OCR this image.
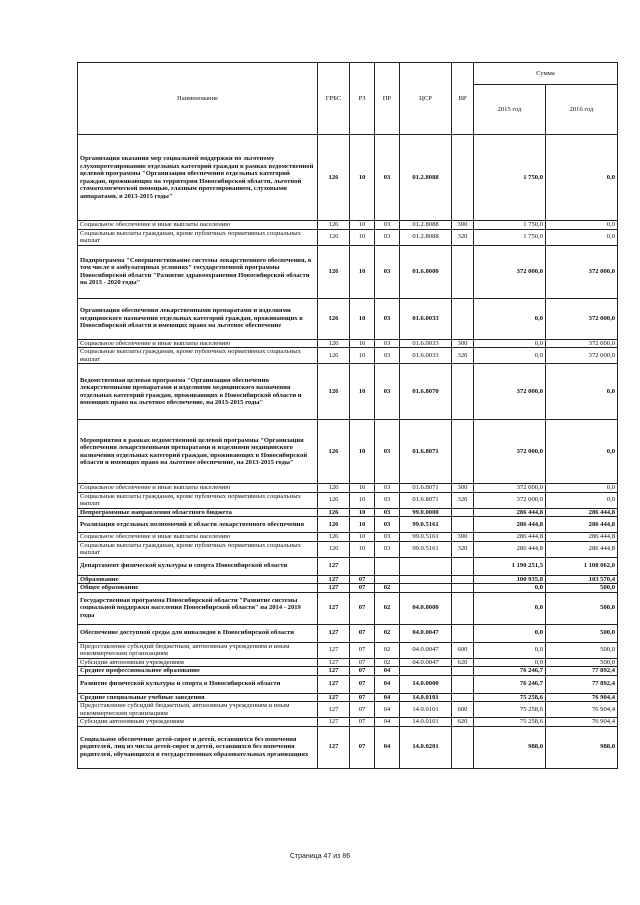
Наименование	ГРБС	РЗ	ПР	ЦСР	ВР	Сумма	
						2015 год	2016 год
Организация оказания мер социальной поддержки по льготному слухопротезированию отдельных категорий граждан в рамках ведомственной целевой программы "Организация обеспечения отдельных категорий граждан, проживающих на территории Новосибирской области, льготной стоматологической помощью, глазным протезированием, слуховыми аппаратами, в 2013-2015 годы"	126	10	03	01.2.8088		1 750,0	0,0
Социальное обеспечение и иные выплаты населению	126	10	03	01.2.8088	300	1 750,0	0,0
Социальные выплаты гражданам, кроме публичных нормативных социальных выплат	126	10	03	01.2.8088	320	1 750,0	0,0
Подпрограмма "Совершенствование системы лекарственного обеспечения, в том числе в амбулаторных условиях" государственной программы Новосибирской области "Развитие здравоохранения Новосибирской области на 2013 - 2020 годы"	126	10	03	01.6.0000		372 000,0	372 000,0
Организация обеспечения лекарственными препаратами и изделиями медицинского назначения отдельных категорий граждан, проживающих в Новосибирской области и имеющих право на льготное обеспечение	126	10	03	01.6.0033		0,0	372 000,0
Социальное обеспечение и иные выплаты населению	126	10	03	01.6.0033	300	0,0	372 000,0
Социальные выплаты гражданам, кроме публичных нормативных социальных выплат	126	10	03	01.6.0033	320	0,0	372 000,0
Ведомственная целевая программа "Организация обеспечения лекарственными препаратами и изделиями медицинского назначения отдельных категорий граждан, проживающих в Новосибирской области и имеющих право на льготное обеспечение, на 2013-2015 годы"	126	10	03	01.6.8070		372 000,0	0,0
Мероприятия в рамках ведомственной целевой программы "Организация обеспечения лекарственными препаратами и изделиями медицинского назначения отдельных категорий граждан, проживающих в Новосибирской области и имеющих право на льготное обеспечение, на 2013-2015 годы"	126	10	03	01.6.8071		372 000,0	0,0
Социальное обеспечение и иные выплаты населению	126	10	03	01.6.8071	300	372 000,0	0,0
Социальные выплаты гражданам, кроме публичных нормативных социальных выплат	126	10	03	01.6.8071	320	372 000,0	0,0
Непрограммные направления областного бюджета	126	10	03	99.0.0000		286 444,8	286 444,8
Реализация отдельных полномочий в области лекарственного обеспечения	126	10	03	99.0.5161		286 444,8	286 444,8
Социальное обеспечение и иные выплаты населению	126	10	03	99.0.5161	300	286 444,8	286 444,8
Социальные выплаты гражданам, кроме публичных нормативных социальных выплат	126	10	03	99.0.5161	320	286 444,8	286 444,8
Департамент физической культуры и спорта Новосибирской области	127					1 190 251,5	1 108 062,0
Образование	127	07				100 935,8	103 570,4
Общее образование	127	07	02			0,0	500,0
Государственная программа Новосибирской области "Развитие системы социальной поддержки населения Новосибирской области" на 2014 - 2019 годы	127	07	02	04.0.0000		0,0	500,0
Обеспечение доступной среды для инвалидов в Новосибирской области	127	07	02	04.0.0047		0,0	500,0
Предоставление субсидий бюджетным, автономным учреждениям и иным некоммерческим организациям	127	07	02	04.0.0047	600	0,0	500,0
Субсидии автономным учреждениям	127	07	02	04.0.0047	620	0,0	500,0
Среднее профессиональное образование	127	07	04			76 246,7	77 892,4
Развитие физической культуры и спорта в Новосибирской области	127	07	04	14.0.0000		76 246,7	77 892,4
Средние специальные учебные заведения	127	07	04	14.0.0101		75 258,6	76 904,4
Предоставление субсидий бюджетным, автономным учреждениям и иным некоммерческим организациям	127	07	04	14.0.0101	600	75 258,6	76 904,4
Субсидии автономным учреждениям	127	07	04	14.0.0101	620	75 258,6	76 904,4
Социальное обеспечение детей-сирот и детей, оставшихся без попечения родителей, лиц из числа детей-сирот и детей, оставшихся без попечения родителей, обучающихся в государственных образовательных организациях	127	07	04	14.0.0201		988,0	988,0
Страница 47 из 86
